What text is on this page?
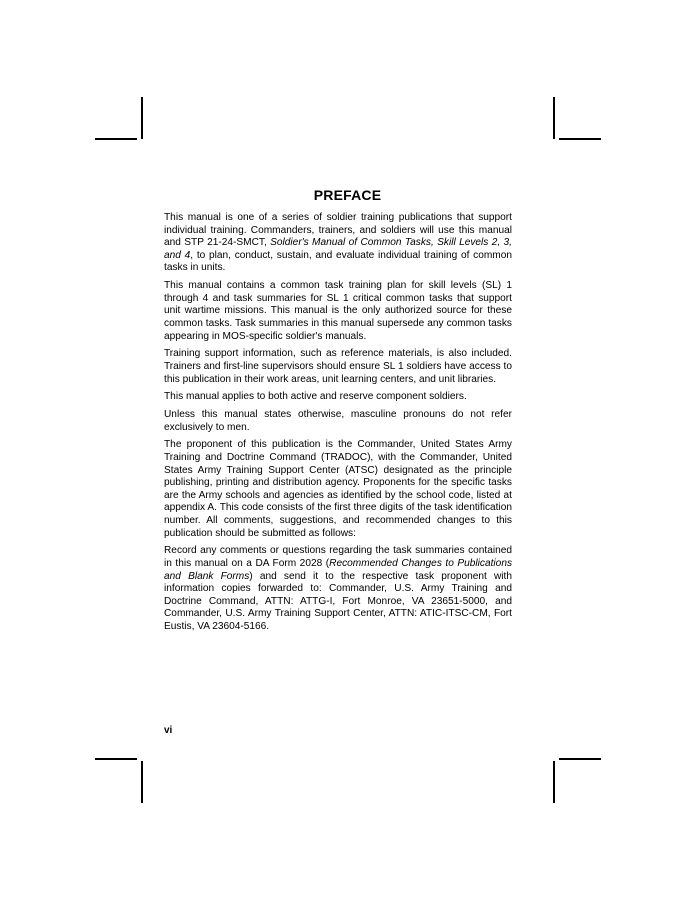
PREFACE

This manual is one of a series of soldier training publications that support individual training. Commanders, trainers, and soldiers will use this manual and STP 21-24-SMCT, Soldier's Manual of Common Tasks, Skill Levels 2, 3, and 4, to plan, conduct, sustain, and evaluate individual training of common tasks in units.

This manual contains a common task training plan for skill levels (SL) 1 through 4 and task summaries for SL 1 critical common tasks that support unit wartime missions. This manual is the only authorized source for these common tasks. Task summaries in this manual supersede any common tasks appearing in MOS-specific soldier's manuals.

Training support information, such as reference materials, is also included. Trainers and first-line supervisors should ensure SL 1 soldiers have access to this publication in their work areas, unit learning centers, and unit libraries.

This manual applies to both active and reserve component soldiers.

Unless this manual states otherwise, masculine pronouns do not refer exclusively to men.

The proponent of this publication is the Commander, United States Army Training and Doctrine Command (TRADOC), with the Commander, United States Army Training Support Center (ATSC) designated as the principle publishing, printing and distribution agency. Proponents for the specific tasks are the Army schools and agencies as identified by the school code, listed at appendix A. This code consists of the first three digits of the task identification number. All comments, suggestions, and recommended changes to this publication should be submitted as follows:

Record any comments or questions regarding the task summaries contained in this manual on a DA Form 2028 (Recommended Changes to Publications and Blank Forms) and send it to the respective task proponent with information copies forwarded to: Commander, U.S. Army Training and Doctrine Command, ATTN: ATTG-I, Fort Monroe, VA 23651-5000, and Commander, U.S. Army Training Support Center, ATTN: ATIC-ITSC-CM, Fort Eustis, VA 23604-5166.

vi
